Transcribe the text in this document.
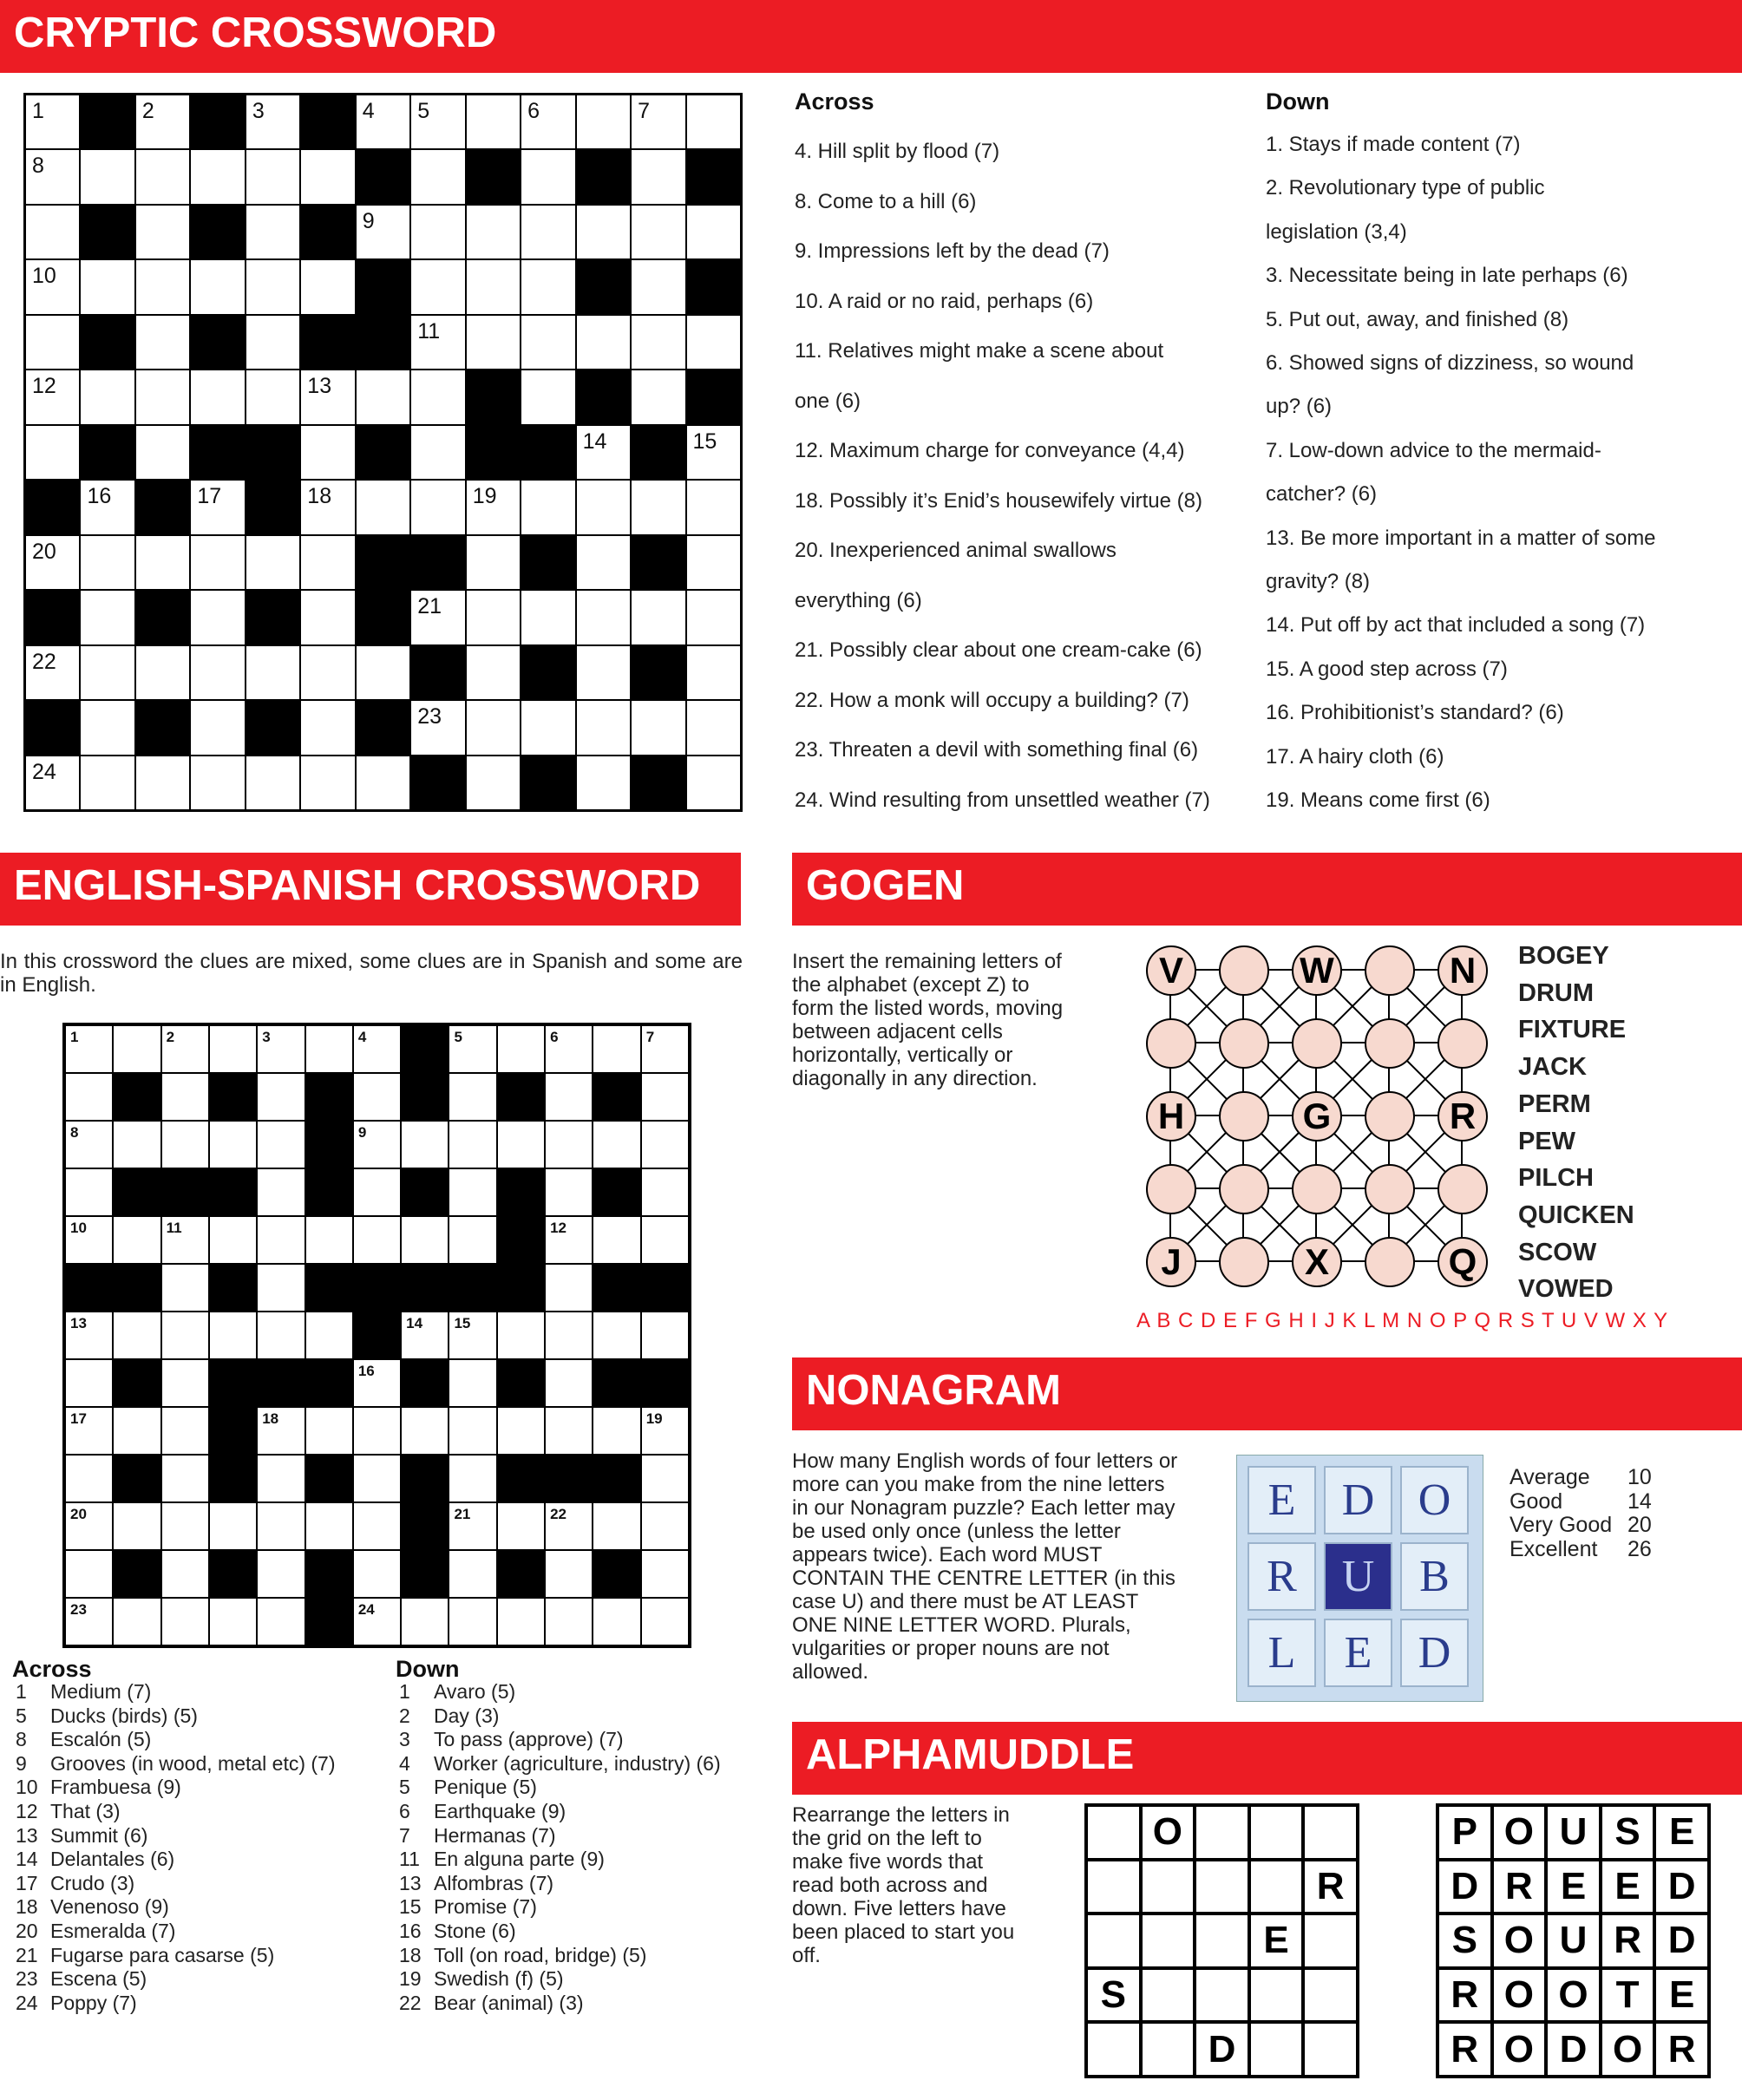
CRYPTIC CROSSWORD
1	2	3	4 5	6	7
8
9
10
11
12	13
14	15
16	17	18	19
20
21
22
23
24
Across
4. Hill split by flood (7)
8. Come to a hill (6)
9. Impressions left by the dead (7)
10. A raid or no raid, perhaps (6)
11. Relatives might make a scene about
one (6)
12. Maximum charge for conveyance (4,4)
18. Possibly it’s Enid’s housewifely virtue (8)
20. Inexperienced animal swallows
everything (6)
21. Possibly clear about one cream-cake (6)
22. How a monk will occupy a building? (7)
23. Threaten a devil with something final (6)
24. Wind resulting from unsettled weather (7)
Down
1. Stays if made content (7)
2. Revolutionary type of public
legislation (3,4)
3. Necessitate being in late perhaps (6)
5. Put out, away, and finished (8)
6. Showed signs of dizziness, so wound
up? (6)
7. Low-down advice to the mermaid-
catcher? (6)
13. Be more important in a matter of some
gravity? (8)
14. Put off by act that included a song (7)
15. A good step across (7)
16. Prohibitionist’s standard? (6)
17. A hairy cloth (6)
19. Means come first (6)
ENGLISH-SPANISH CROSSWORD
In this crossword the clues are mixed, some clues are in Spanish and some are in English.
1	2	3	4	5	6	7
8	9
10	11	12
13	14 15
16
17	18	19
20	21	22
23	24
Across
1 Medium (7)
5 Ducks (birds) (5)
8 Escalón (5)
9 Grooves (in wood, metal etc) (7)
10 Frambuesa (9)
12 That (3)
13 Summit (6)
14 Delantales (6)
17 Crudo (3)
18 Venenoso (9)
20 Esmeralda (7)
21 Fugarse para casarse (5)
23 Escena (5)
24 Poppy (7)
Down
1 Avaro (5)
2 Day (3)
3 To pass (approve) (7)
4 Worker (agriculture, industry) (6)
5 Penique (5)
6 Earthquake (9)
7 Hermanas (7)
11 En alguna parte (9)
13 Alfombras (7)
15 Promise (7)
16 Stone (6)
18 Toll (on road, bridge) (5)
19 Swedish (f) (5)
22 Bear (animal) (3)
GOGEN
Insert the remaining letters of the alphabet (except Z) to form the listed words, moving between adjacent cells horizontally, vertically or diagonally in any direction.
V	W	N
H	G	R
J	X	Q
BOGEY
DRUM
FIXTURE
JACK
PERM
PEW
PILCH
QUICKEN
SCOW
VOWED
A B C D E F G H I J K L M N O P Q R S T U V W X Y
NONAGRAM
How many English words of four letters or more can you make from the nine letters in our Nonagram puzzle? Each letter may be used only once (unless the letter appears twice). Each word MUST CONTAIN THE CENTRE LETTER (in this case U) and there must be AT LEAST ONE NINE LETTER WORD. Plurals, vulgarities or proper nouns are not allowed.
E	D O
R U B
L	E	D
Average 10
Good	14
Very Good 20
Excellent 26
ALPHAMUDDLE
Rearrange the letters in the grid on the left to make five words that read both across and down. Five letters have been placed to start you off.
O
R
E
S
D
P O U S E
D R E E D
S O U R D
R O O T E
R O D O R
